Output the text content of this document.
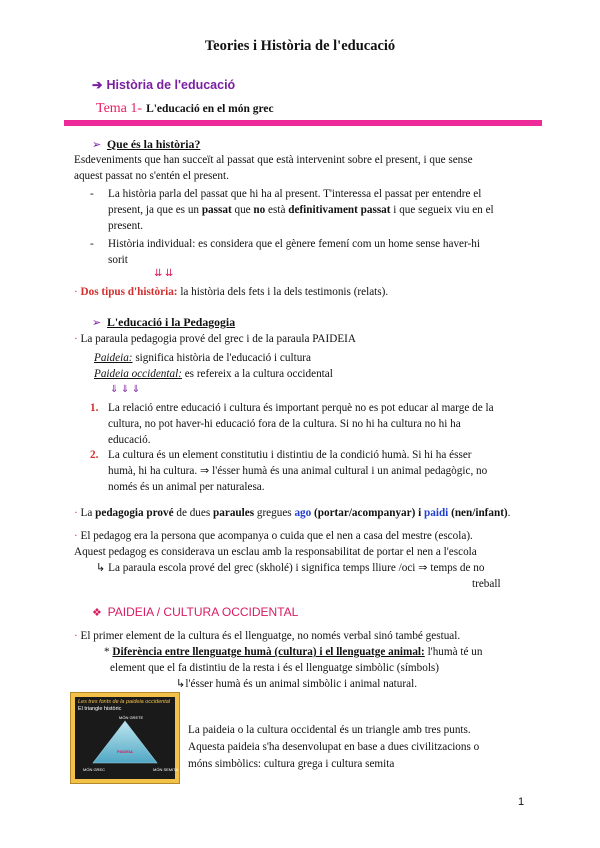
Teories i Història de l'educació
➔ Història de l'educació
Tema 1- L'educació en el món grec
➢ Que és la història?
Esdeveniments que han succeït al passat que està intervenint sobre el present, i que sense
aquest passat no s'entén el present.
- La història parla del passat que hi ha al present. T'interessa el passat per entendre el
present, ja que es un passat que no està definitivament passat i que segueix viu en el
present.
- Història individual: es considera que el gènere femení com un home sense haver-hi
sorit
⇊ ⇊
· Dos tipus d'història: la història dels fets i la dels testimonis (relats).
➢ L'educació i la Pedagogia
· La paraula pedagogia prové del grec i de la paraula PAIDEIA
Paideia: significa història de l'educació i cultura
Paideia occidental: es refereix a la cultura occidental
⇓ ⇓ ⇓
1. La relació entre educació i cultura és important perquè no es pot educar al marge de la
cultura, no pot haver-hi educació fora de la cultura. Si no hi ha cultura no hi ha
educació.
2. La cultura és un element constitutiu i distintiu de la condició humà. Si hi ha ésser
humà, hi ha cultura. ⇒ l'ésser humà és una animal cultural i un animal pedagògic, no
només és un animal per naturalesa.
· La pedagogia prové de dues paraules gregues ago (portar/acompanyar) i paidi (nen/infant).
· El pedagog era la persona que acompanya o cuida que el nen a casa del mestre (escola).
Aquest pedagog es considerava un esclau amb la responsabilitat de portar el nen a l'escola
↳ La paraula escola prové del grec (skholé) i significa temps lliure /oci ⇒ temps de no
treball
❖ PAIDEIA / CULTURA OCCIDENTAL
· El primer element de la cultura és el llenguatge, no només verbal sinó també gestual.
* Diferència entre llenguatge humà (cultura) i el llenguatge animal: l'humà té un
element que el fa distintiu de la resta i és el llenguatge simbòlic (símbols)
↳l'ésser humà és un animal simbòlic i animal natural.
Les tres fonts de la paideia occidental
El triangle històric
MÓN GRETE
PAIDEIA
MÓN GREC	MÓN SEMITA
La paideia o la cultura occidental és un triangle amb tres punts.
Aquesta paideia s'ha desenvolupat en base a dues civilitzacions o
móns simbòlics: cultura grega i cultura semita
1
